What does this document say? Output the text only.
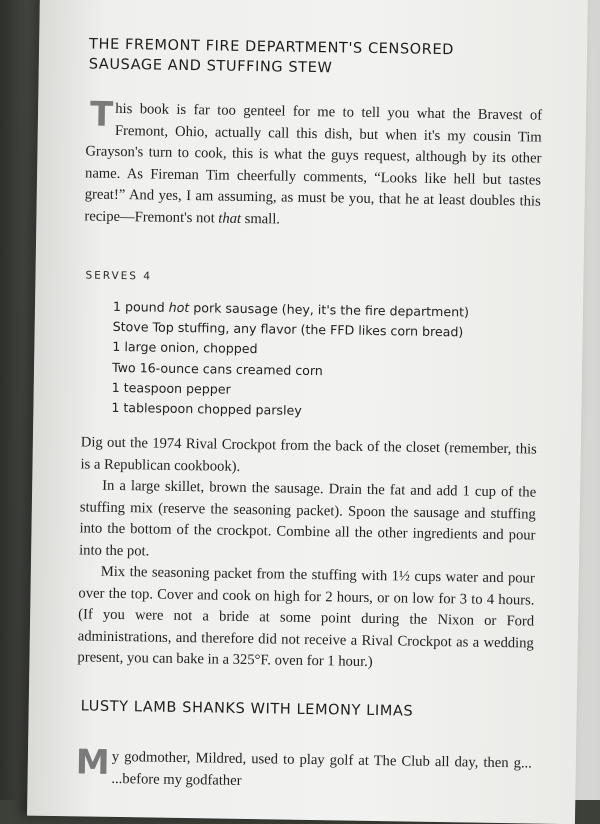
THE FREMONT FIRE DEPARTMENT'S CENSORED
SAUSAGE AND STUFFING STEW
This book is far too genteel for me to tell you what the Bravest of Fremont, Ohio, actually call this dish, but when it's my cousin Tim Grayson's turn to cook, this is what the guys request, although by its other name. As Fireman Tim cheerfully comments, “Looks like hell but tastes great!” And yes, I am assuming, as must be you, that he at least doubles this recipe—Fremont's not that small.
SERVES 4
1 pound hot pork sausage (hey, it's the fire department)
Stove Top stuffing, any flavor (the FFD likes corn bread)
1 large onion, chopped
Two 16-ounce cans creamed corn
1 teaspoon pepper
1 tablespoon chopped parsley

Dig out the 1974 Rival Crockpot from the back of the closet (remember, this is a Republican cookbook).

In a large skillet, brown the sausage. Drain the fat and add 1 cup of the stuffing mix (reserve the seasoning packet). Spoon the sausage and stuffing into the bottom of the crockpot. Combine all the other ingredients and pour into the pot.

Mix the seasoning packet from the stuffing with 1½ cups water and pour over the top. Cover and cook on high for 2 hours, or on low for 3 to 4 hours. (If you were not a bride at some point during the Nixon or Ford administrations, and therefore did not receive a Rival Crockpot as a wedding present, you can bake in a 325°F. oven for 1 hour.)

LUSTY LAMB SHANKS WITH LEMONY LIMAS
My godmother, Mildred, used to play golf at The Club all day, then g... ...before my godfather
